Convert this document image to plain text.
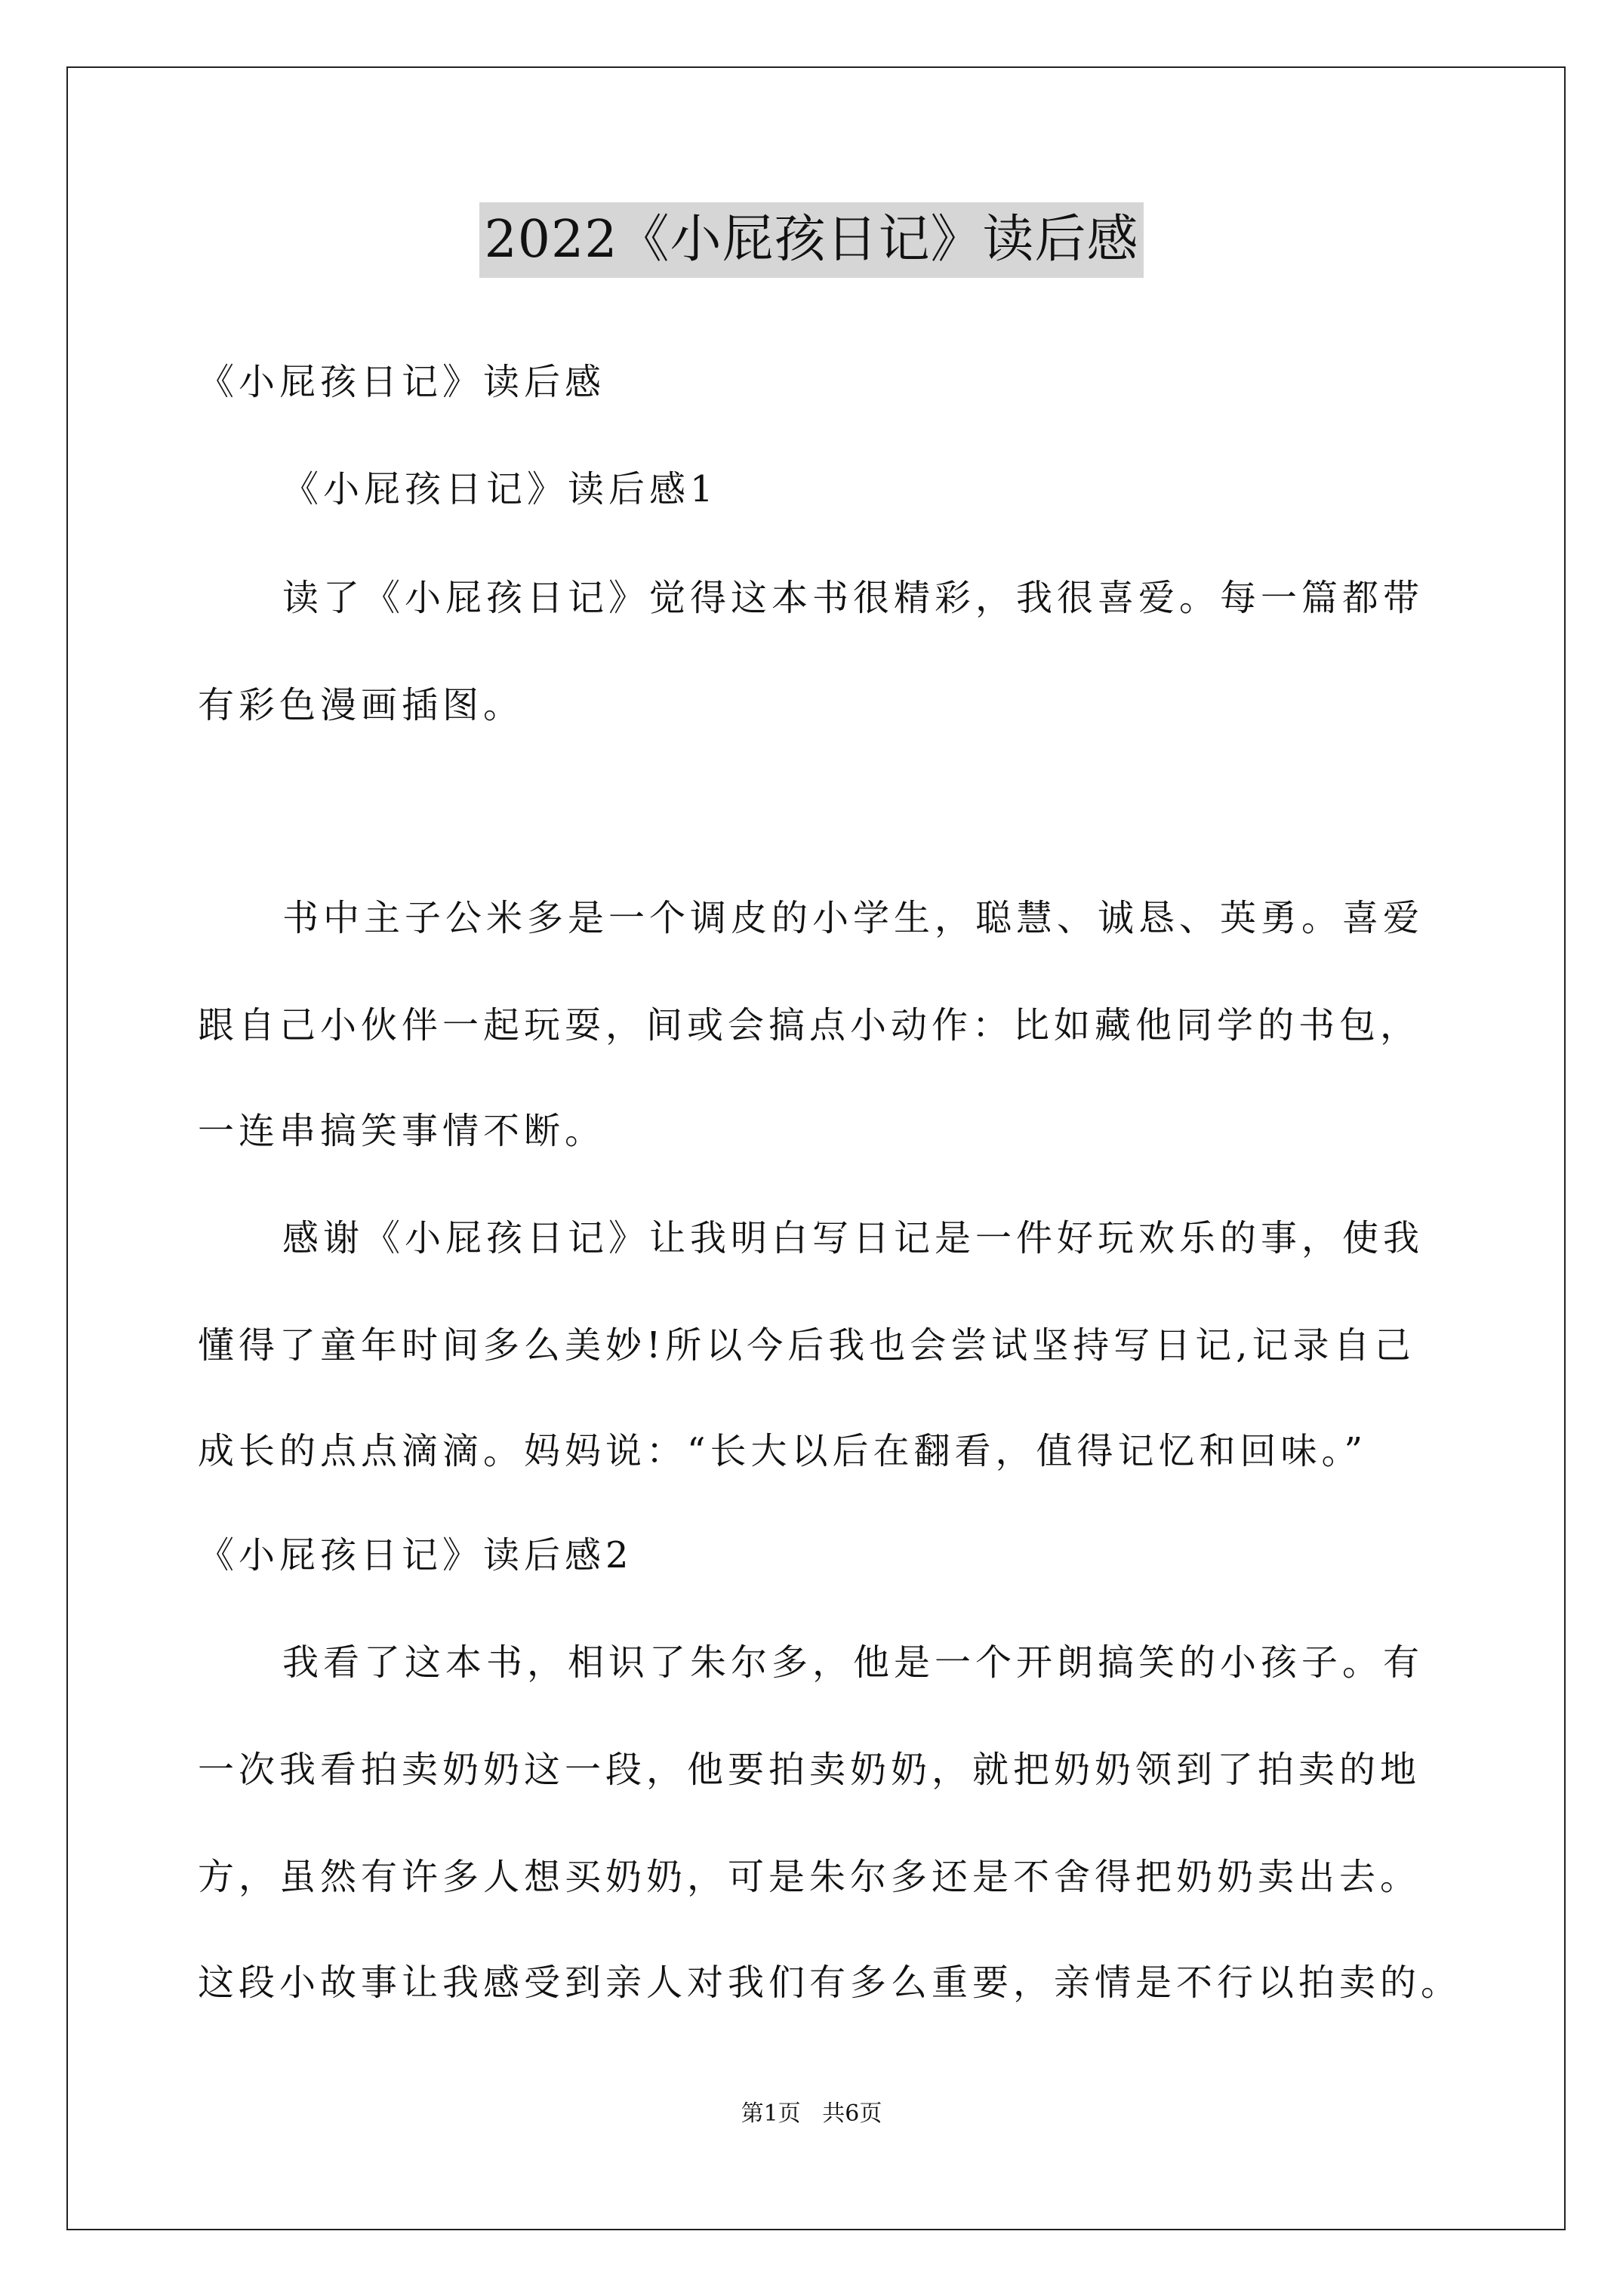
2022《小屁孩日记》读后感
《小屁孩日记》读后感
《小屁孩日记》读后感1
读了《小屁孩日记》觉得这本书很精彩，我很喜爱。每一篇都带
有彩色漫画插图。
书中主子公米多是一个调皮的小学生，聪慧、诚恳、英勇。喜爱
跟自己小伙伴一起玩耍，间或会搞点小动作：比如藏他同学的书包，
一连串搞笑事情不断。
感谢《小屁孩日记》让我明白写日记是一件好玩欢乐的事，使我
懂得了童年时间多么美妙!所以今后我也会尝试坚持写日记,记录自己
成长的点点滴滴。妈妈说：“长大以后在翻看，值得记忆和回味。”
《小屁孩日记》读后感2
我看了这本书，相识了朱尔多，他是一个开朗搞笑的小孩子。有
一次我看拍卖奶奶这一段，他要拍卖奶奶，就把奶奶领到了拍卖的地
方，虽然有许多人想买奶奶，可是朱尔多还是不舍得把奶奶卖出去。
这段小故事让我感受到亲人对我们有多么重要，亲情是不行以拍卖的。
第1页   共6页
